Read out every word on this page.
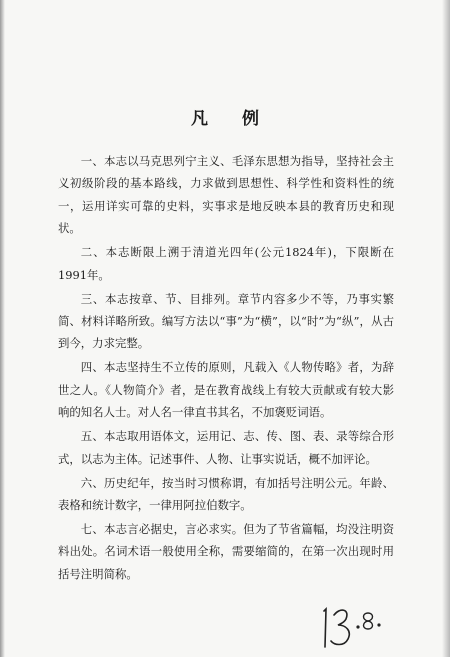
凡 例

一、本志以马克思列宁主义、毛泽东思想为指导，坚持社会主义初级阶段的基本路线，力求做到思想性、科学性和资料性的统一，运用详实可靠的史料，实事求是地反映本县的教育历史和现状。

二、本志断限上溯于清道光四年(公元1824年)，下限断在1991年。

三、本志按章、节、目排列。章节内容多少不等，乃事实繁简、材料详略所致。编写方法以“事”为“横”，以“时”为“纵”，从古到今，力求完整。

四、本志坚持生不立传的原则，凡载入《人物传略》者，为辞世之人。《人物简介》者，是在教育战线上有较大贡献或有较大影响的知名人士。对人名一律直书其名，不加褒贬词语。

五、本志取用语体文，运用记、志、传、图、表、录等综合形式，以志为主体。记述事件、人物、让事实说话，概不加评论。

六、历史纪年，按当时习惯称谓，有加括号注明公元。年龄、表格和统计数字，一律用阿拉伯数字。

七、本志言必据史，言必求实。但为了节省篇幅，均没注明资料出处。名词术语一般使用全称，需要缩简的，在第一次出现时用括号注明简称。
